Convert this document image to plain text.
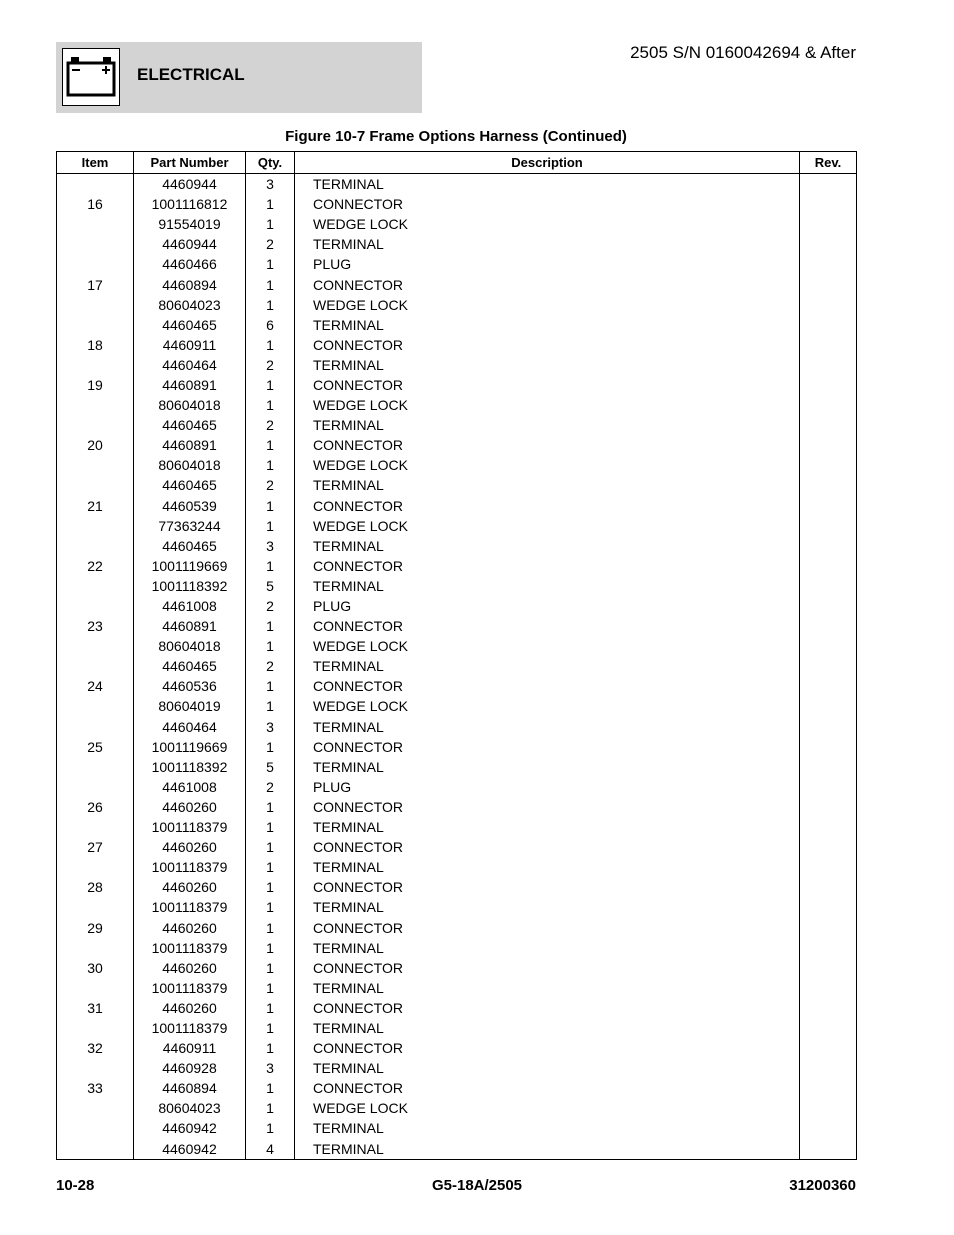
ELECTRICAL
2505 S/N 0160042694 & After
Figure 10-7 Frame Options Harness (Continued)
Item	Part Number	Qty.	Description	Rev.
	4460944	3	TERMINAL	
16	1001116812	1	CONNECTOR	
	91554019	1	WEDGE LOCK	
	4460944	2	TERMINAL	
	4460466	1	PLUG	
17	4460894	1	CONNECTOR	
	80604023	1	WEDGE LOCK	
	4460465	6	TERMINAL	
18	4460911	1	CONNECTOR	
	4460464	2	TERMINAL	
19	4460891	1	CONNECTOR	
	80604018	1	WEDGE LOCK	
	4460465	2	TERMINAL	
20	4460891	1	CONNECTOR	
	80604018	1	WEDGE LOCK	
	4460465	2	TERMINAL	
21	4460539	1	CONNECTOR	
	77363244	1	WEDGE LOCK	
	4460465	3	TERMINAL	
22	1001119669	1	CONNECTOR	
	1001118392	5	TERMINAL	
	4461008	2	PLUG	
23	4460891	1	CONNECTOR	
	80604018	1	WEDGE LOCK	
	4460465	2	TERMINAL	
24	4460536	1	CONNECTOR	
	80604019	1	WEDGE LOCK	
	4460464	3	TERMINAL	
25	1001119669	1	CONNECTOR	
	1001118392	5	TERMINAL	
	4461008	2	PLUG	
26	4460260	1	CONNECTOR	
	1001118379	1	TERMINAL	
27	4460260	1	CONNECTOR	
	1001118379	1	TERMINAL	
28	4460260	1	CONNECTOR	
	1001118379	1	TERMINAL	
29	4460260	1	CONNECTOR	
	1001118379	1	TERMINAL	
30	4460260	1	CONNECTOR	
	1001118379	1	TERMINAL	
31	4460260	1	CONNECTOR	
	1001118379	1	TERMINAL	
32	4460911	1	CONNECTOR	
	4460928	3	TERMINAL	
33	4460894	1	CONNECTOR	
	80604023	1	WEDGE LOCK	
	4460942	1	TERMINAL	
	4460942	4	TERMINAL	
10-28	G5-18A/2505	31200360
